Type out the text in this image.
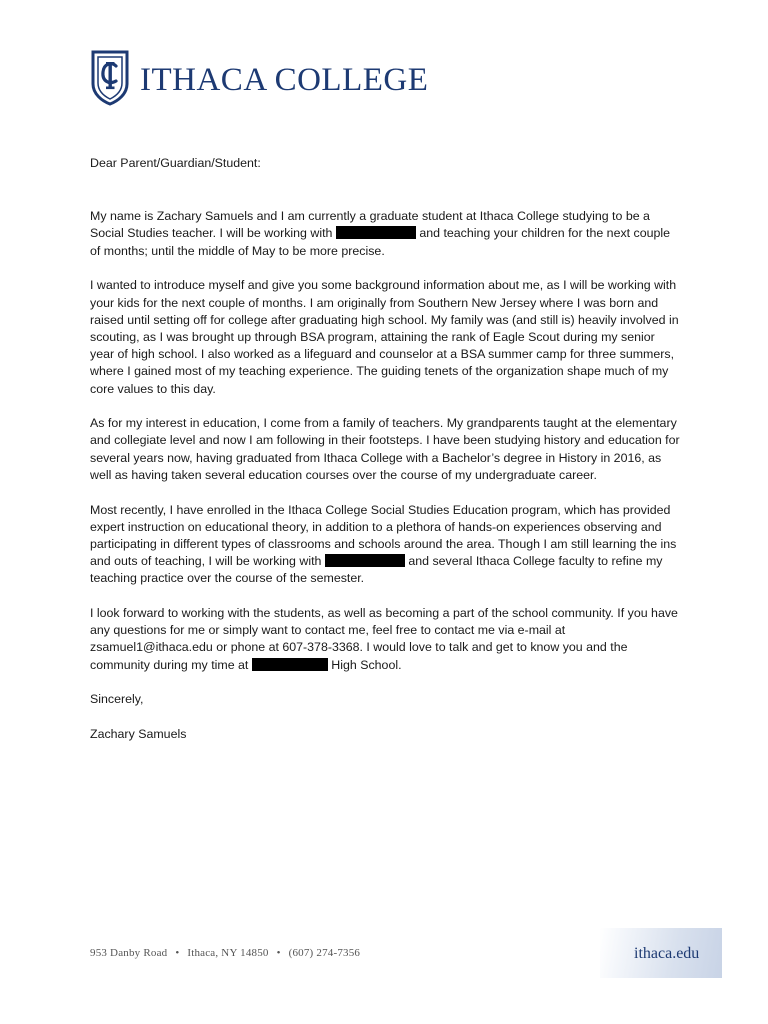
ITHACA COLLEGE

Dear Parent/Guardian/Student:

My name is Zachary Samuels and I am currently a graduate student at Ithaca College studying to be a Social Studies teacher. I will be working with	and teaching your children for the next couple of months; until the middle of May to be more precise.

I wanted to introduce myself and give you some background information about me, as I will be working with your kids for the next couple of months. I am originally from Southern New Jersey where I was born and raised until setting off for college after graduating high school. My family was (and still is) heavily involved in scouting, as I was brought up through BSA program, attaining the rank of Eagle Scout during my senior year of high school. I also worked as a lifeguard and counselor at a BSA summer camp for three summers, where I gained most of my teaching experience. The guiding tenets of the organization shape much of my core values to this day.

As for my interest in education, I come from a family of teachers. My grandparents taught at the elementary and collegiate level and now I am following in their footsteps. I have been studying history and education for several years now, having graduated from Ithaca College with a Bachelor’s degree in History in 2016, as well as having taken several education courses over the course of my undergraduate career.

Most recently, I have enrolled in the Ithaca College Social Studies Education program, which has provided expert instruction on educational theory, in addition to a plethora of hands-on experiences observing and participating in different types of classrooms and schools around the area. Though I am still learning the ins and outs of teaching, I will be working with	and several Ithaca College faculty to refine my teaching practice over the course of the semester.

I look forward to working with the students, as well as becoming a part of the school community. If you have any questions for me or simply want to contact me, feel free to contact me via e-mail at zsamuel1@ithaca.edu or phone at 607-378-3368. I would love to talk and get to know you and the community during my time at	High School.

Sincerely,

Zachary Samuels

953 Danby Road • Ithaca, NY 14850 • (607) 274-7356	ithaca.edu
